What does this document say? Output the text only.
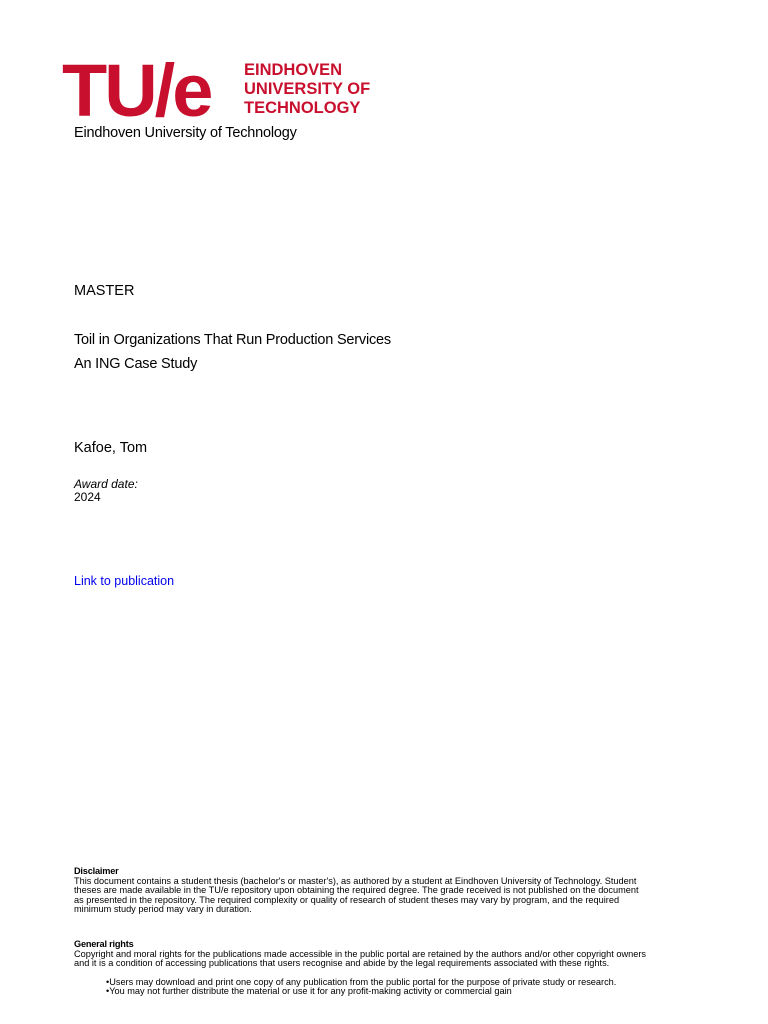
TU/e EINDHOVEN
UNIVERSITY OF
TECHNOLOGY
Eindhoven University of Technology
MASTER
Toil in Organizations That Run Production Services
An ING Case Study
Kafoe, Tom
Award date:
2024
Link to publication
Disclaimer
This document contains a student thesis (bachelor's or master's), as authored by a student at Eindhoven University of Technology. Student
theses are made available in the TU/e repository upon obtaining the required degree. The grade received is not published on the document
as presented in the repository. The required complexity or quality of research of student theses may vary by program, and the required
minimum study period may vary in duration.
General rights
Copyright and moral rights for the publications made accessible in the public portal are retained by the authors and/or other copyright owners
and it is a condition of accessing publications that users recognise and abide by the legal requirements associated with these rights.
• Users may download and print one copy of any publication from the public portal for the purpose of private study or research.
• You may not further distribute the material or use it for any profit-making activity or commercial gain
